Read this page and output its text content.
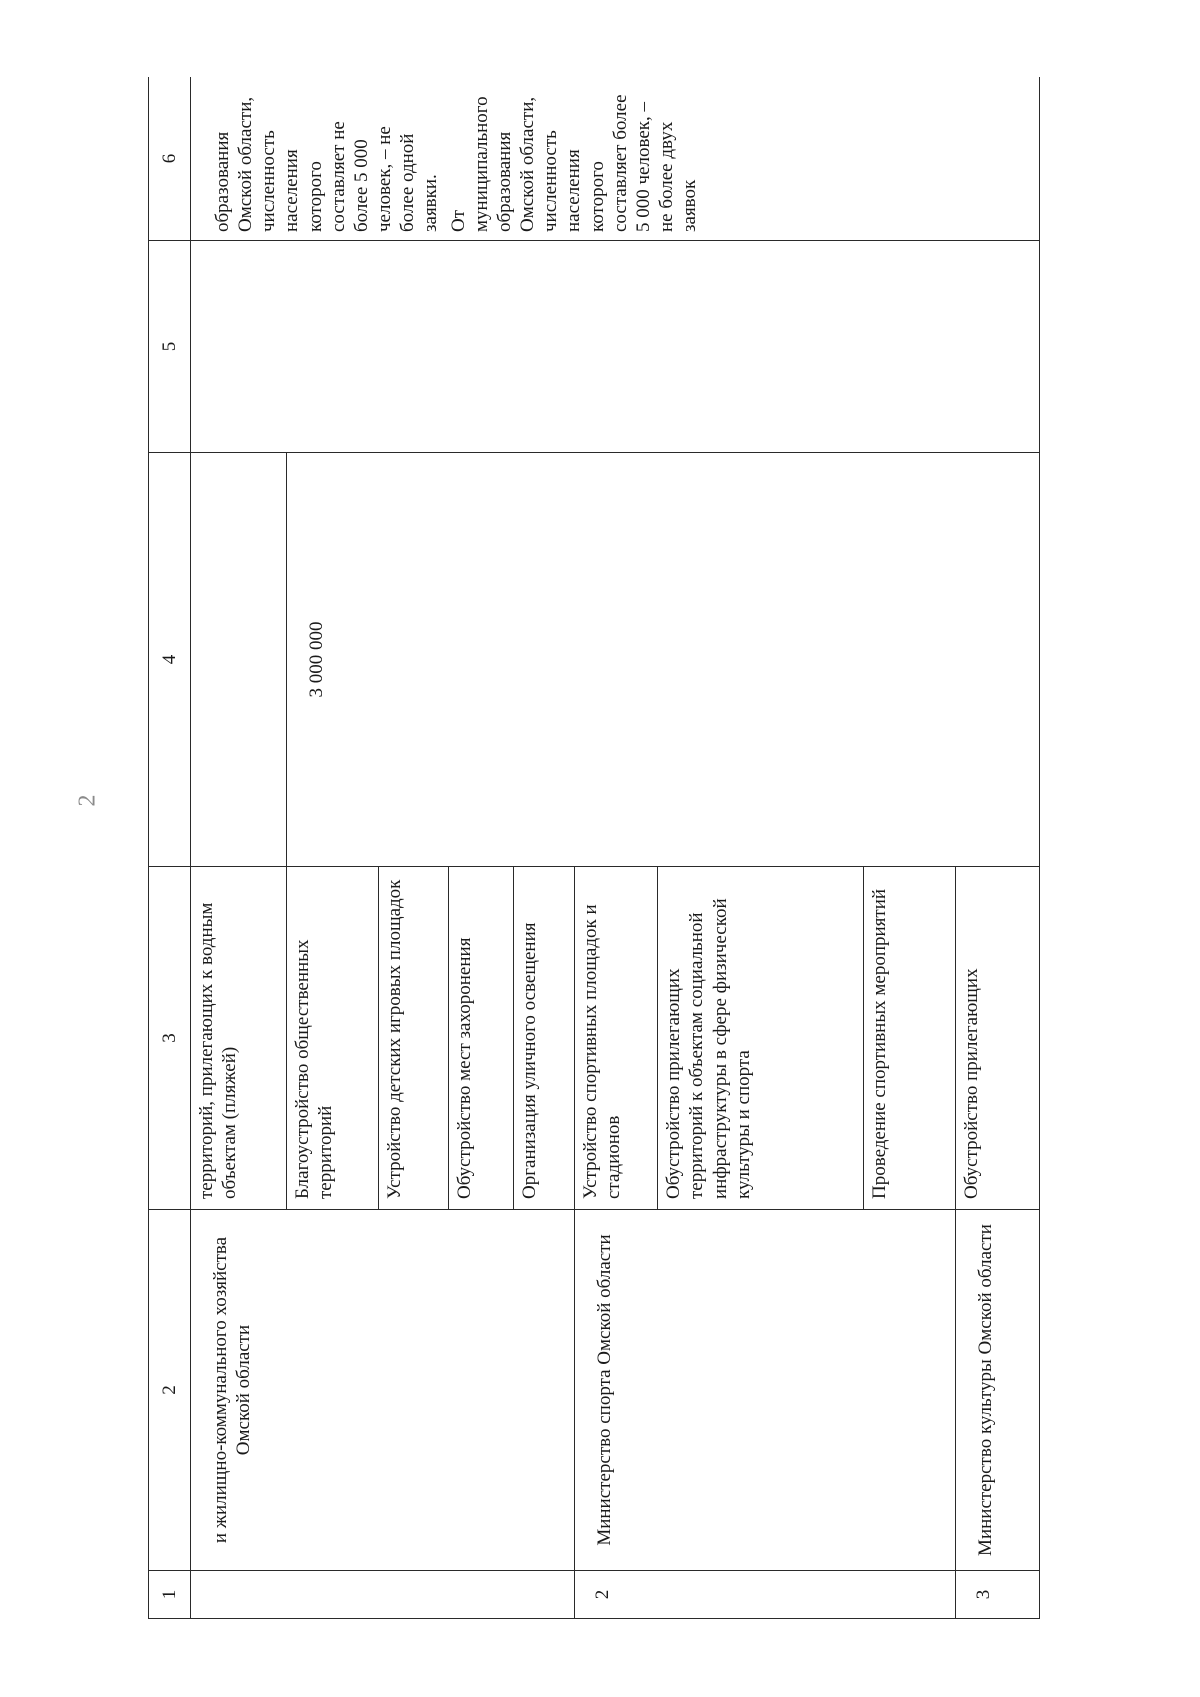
2
1	2	3	4	5	6
	и жилищно-коммунального хозяйства Омской области	территорий, прилегающих к водным объектам (пляжей)			образования Омской области, численность населения которого составляет не более 5 000 человек, – не более одной заявки. От муниципального образования Омской области, численность населения которого составляет более 5 000 человек, – не более двух заявок

		Благоустройство общественных территорий	3 000 000		
		Устройство детских игровых площадок			
		Обустройство мест захоронения			
		Организация уличного освещения			
2	Министерство спорта Омской области	Устройство спортивных площадок и стадионов			
		Обустройство прилегающих территорий к объектам социальной инфраструктуры в сфере физической культуры и спорта			
		Проведение спортивных мероприятий			
3	Министерство культуры Омской области	Обустройство прилегающих			
